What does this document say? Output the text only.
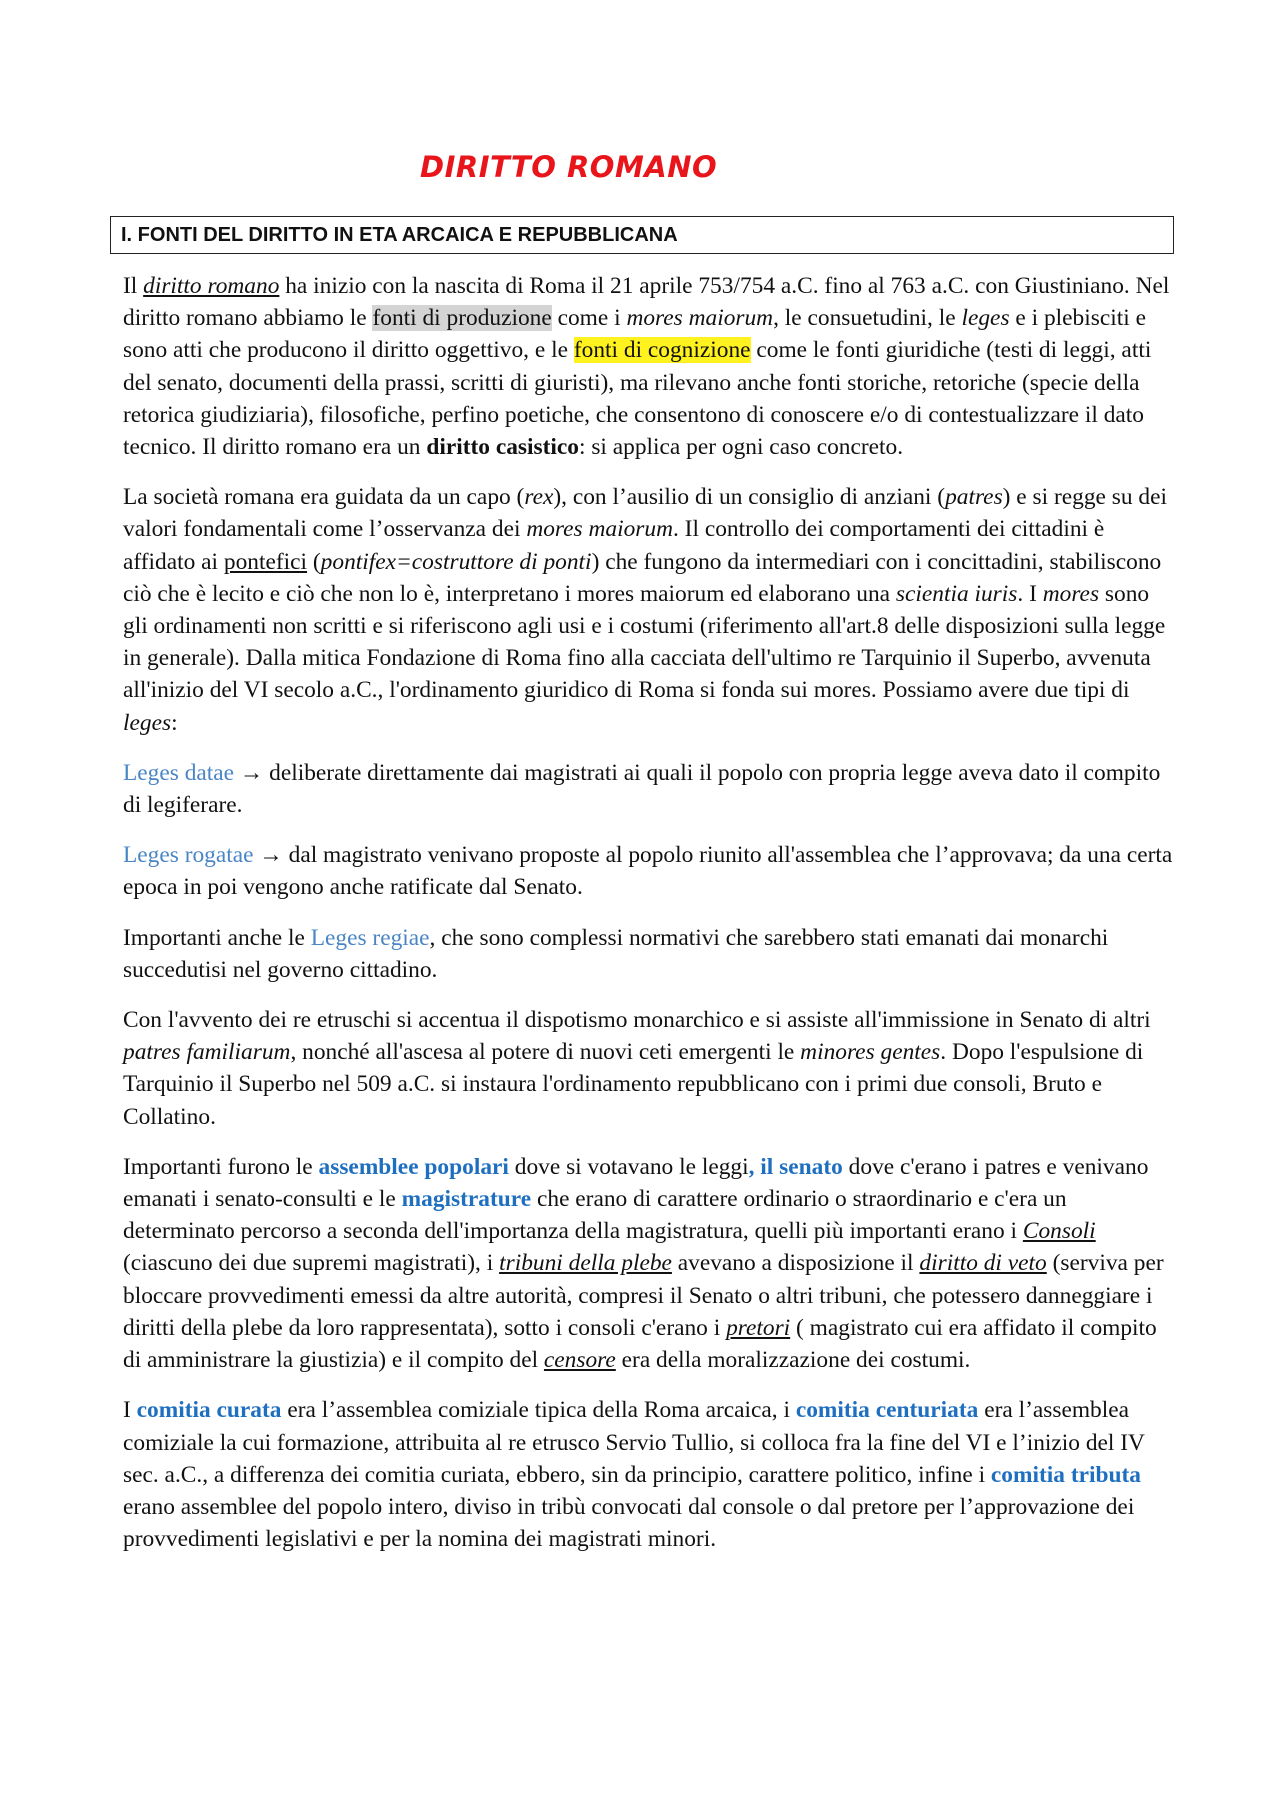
DIRITTO ROMANO
I. FONTI DEL DIRITTO IN ETA ARCAICA E REPUBBLICANA

Il diritto romano ha inizio con la nascita di Roma il 21 aprile 753/754 a.C. fino al 763 a.C. con Giustiniano. Nel diritto romano abbiamo le fonti di produzione come i mores maiorum, le consuetudini, le leges e i plebisciti e sono atti che producono il diritto oggettivo, e le fonti di cognizione come le fonti giuridiche (testi di leggi, atti del senato, documenti della prassi, scritti di giuristi), ma rilevano anche fonti storiche, retoriche (specie della retorica giudiziaria), filosofiche, perfino poetiche, che consentono di conoscere e/o di contestualizzare il dato tecnico. Il diritto romano era un diritto casistico: si applica per ogni caso concreto.

La società romana era guidata da un capo (rex), con l’ausilio di un consiglio di anziani (patres) e si regge su dei valori fondamentali come l’osservanza dei mores maiorum. Il controllo dei comportamenti dei cittadini è affidato ai pontefici (pontifex=costruttore di ponti) che fungono da intermediari con i concittadini, stabiliscono ciò che è lecito e ciò che non lo è, interpretano i mores maiorum ed elaborano una scientia iuris. I mores sono gli ordinamenti non scritti e si riferiscono agli usi e i costumi (riferimento all'art.8 delle disposizioni sulla legge in generale). Dalla mitica Fondazione di Roma fino alla cacciata dell'ultimo re Tarquinio il Superbo, avvenuta all'inizio del VI secolo a.C., l'ordinamento giuridico di Roma si fonda sui mores. Possiamo avere due tipi di leges:

Leges datae → deliberate direttamente dai magistrati ai quali il popolo con propria legge aveva dato il compito di legiferare.

Leges rogatae → dal magistrato venivano proposte al popolo riunito all'assemblea che l’approvava; da una certa epoca in poi vengono anche ratificate dal Senato.

Importanti anche le Leges regiae, che sono complessi normativi che sarebbero stati emanati dai monarchi succedutisi nel governo cittadino.

Con l'avvento dei re etruschi si accentua il dispotismo monarchico e si assiste all'immissione in Senato di altri patres familiarum, nonché all'ascesa al potere di nuovi ceti emergenti le minores gentes. Dopo l'espulsione di Tarquinio il Superbo nel 509 a.C. si instaura l'ordinamento repubblicano con i primi due consoli, Bruto e Collatino.

Importanti furono le assemblee popolari dove si votavano le leggi, il senato dove c'erano i patres e venivano emanati i senato-consulti e le magistrature che erano di carattere ordinario o straordinario e c'era un determinato percorso a seconda dell'importanza della magistratura, quelli più importanti erano i Consoli (ciascuno dei due supremi magistrati), i tribuni della plebe avevano a disposizione il diritto di veto (serviva per bloccare provvedimenti emessi da altre autorità, compresi il Senato o altri tribuni, che potessero danneggiare i diritti della plebe da loro rappresentata), sotto i consoli c'erano i pretori ( magistrato cui era affidato il compito di amministrare la giustizia) e il compito del censore era della moralizzazione dei costumi.

I comitia curata era l’assemblea comiziale tipica della Roma arcaica, i comitia centuriata era l’assemblea comiziale la cui formazione, attribuita al re etrusco Servio Tullio, si colloca fra la fine del VI e l’inizio del IV sec. a.C., a differenza dei comitia curiata, ebbero, sin da principio, carattere politico, infine i comitia tributa erano assemblee del popolo intero, diviso in tribù convocati dal console o dal pretore per l’approvazione dei provvedimenti legislativi e per la nomina dei magistrati minori.
